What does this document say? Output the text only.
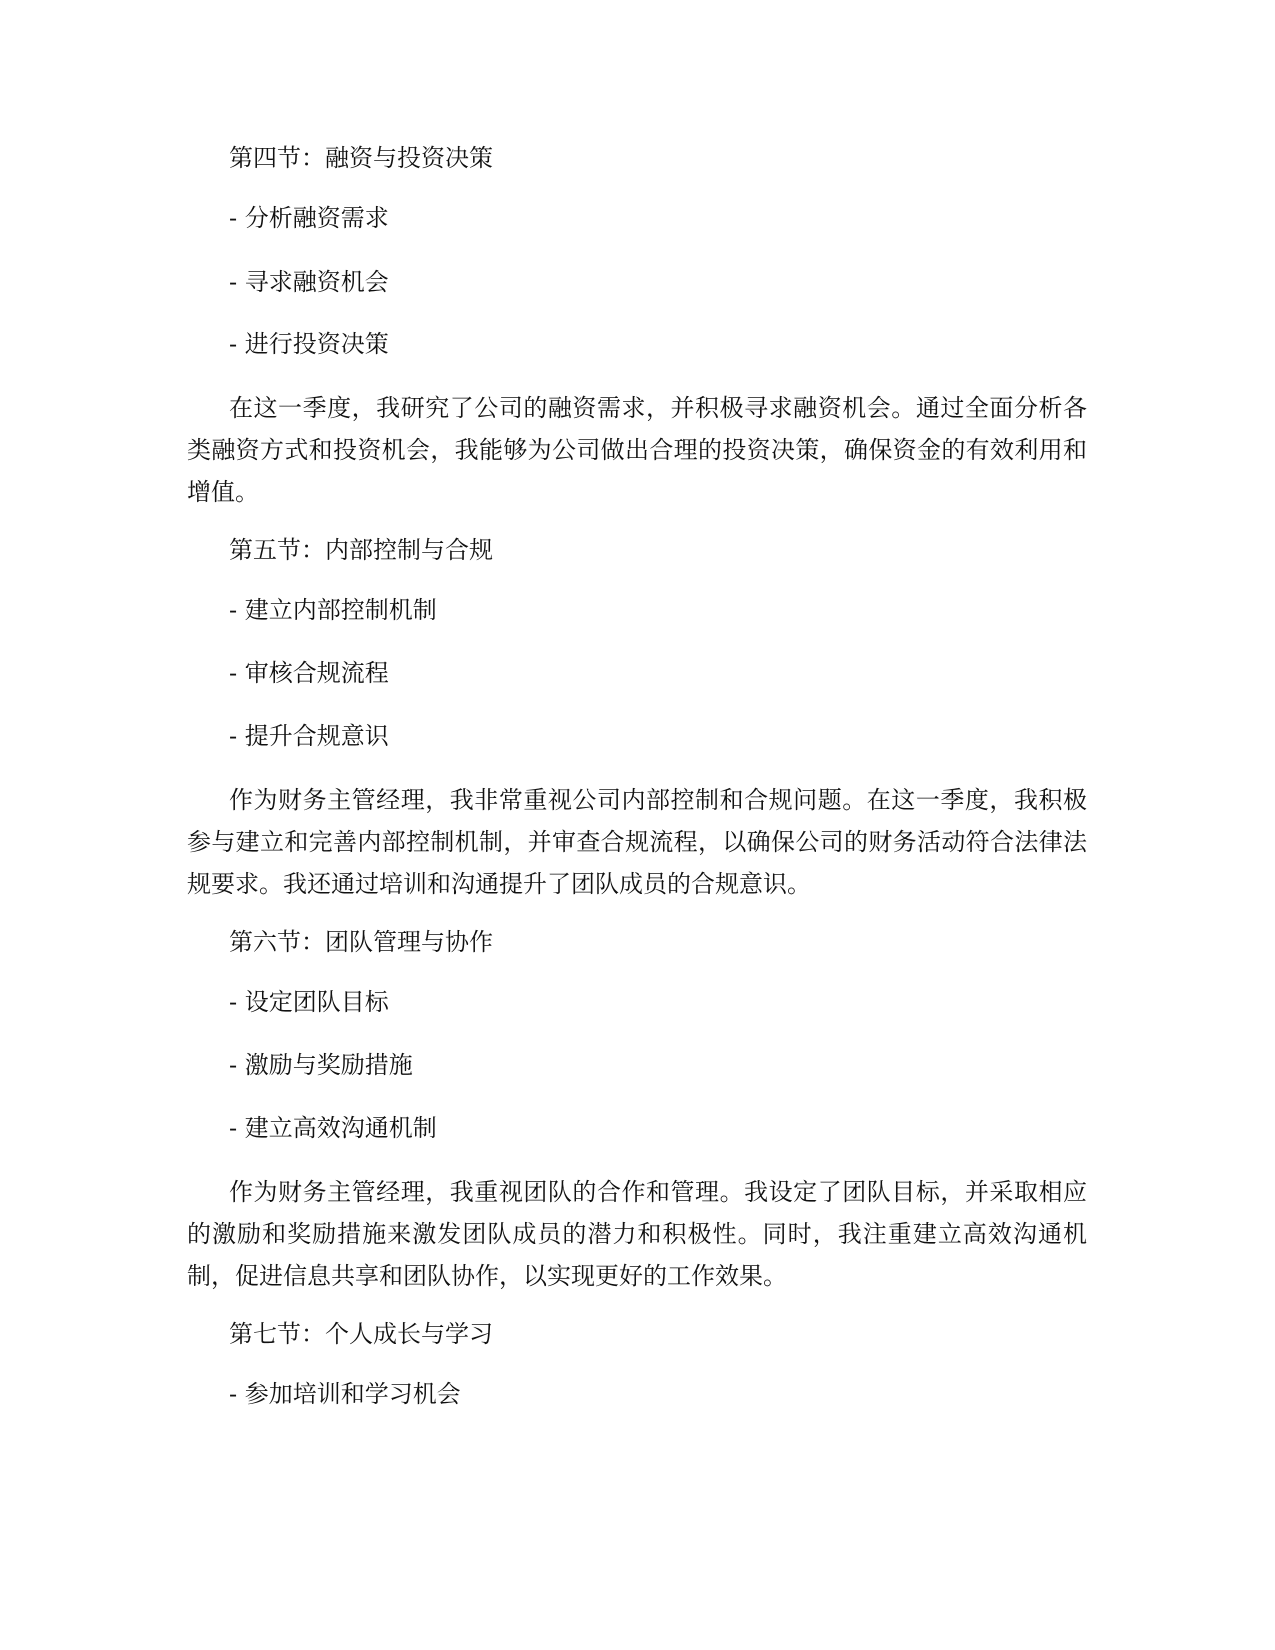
第四节：融资与投资决策
- 分析融资需求
- 寻求融资机会
- 进行投资决策

在这一季度，我研究了公司的融资需求，并积极寻求融资机会。通过全面分析各类融资方式和投资机会，我能够为公司做出合理的投资决策，确保资金的有效利用和增值。

第五节：内部控制与合规
- 建立内部控制机制
- 审核合规流程
- 提升合规意识

作为财务主管经理，我非常重视公司内部控制和合规问题。在这一季度，我积极参与建立和完善内部控制机制，并审查合规流程，以确保公司的财务活动符合法律法规要求。我还通过培训和沟通提升了团队成员的合规意识。

第六节：团队管理与协作
- 设定团队目标
- 激励与奖励措施
- 建立高效沟通机制

作为财务主管经理，我重视团队的合作和管理。我设定了团队目标，并采取相应的激励和奖励措施来激发团队成员的潜力和积极性。同时，我注重建立高效沟通机制，促进信息共享和团队协作，以实现更好的工作效果。

第七节：个人成长与学习
- 参加培训和学习机会
